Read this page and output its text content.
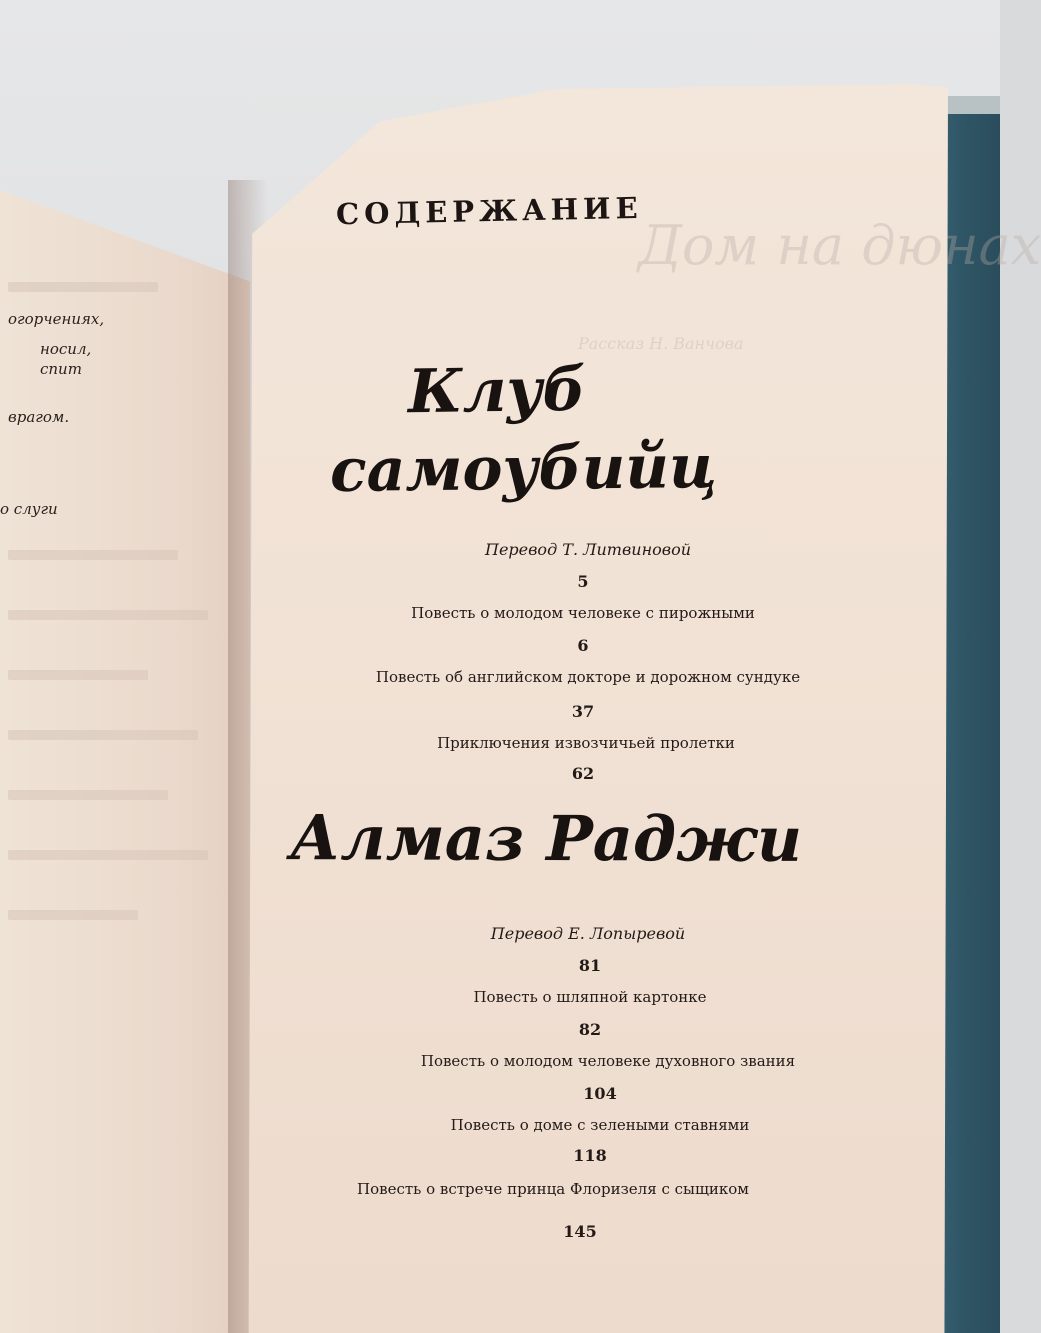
огорчениях,
носил,
спит
врагом.
о слуги
Дом на дюнах
Рассказ Н. Ванчова
СОДЕРЖАНИЕ
Клуб
самоубийц
Перевод Т. Литвиновой
5
Повесть о молодом человеке с пирожными
6
Повесть об английском докторе и дорожном сундуке
37
Приключения извозчичьей пролетки
62
Алмаз Раджи
Перевод Е. Лопыревой
81
Повесть о шляпной картонке
82
Повесть о молодом человеке духовного звания
104
Повесть о доме с зелеными ставнями
118
Повесть о встрече принца Флоризеля с сыщиком
145
